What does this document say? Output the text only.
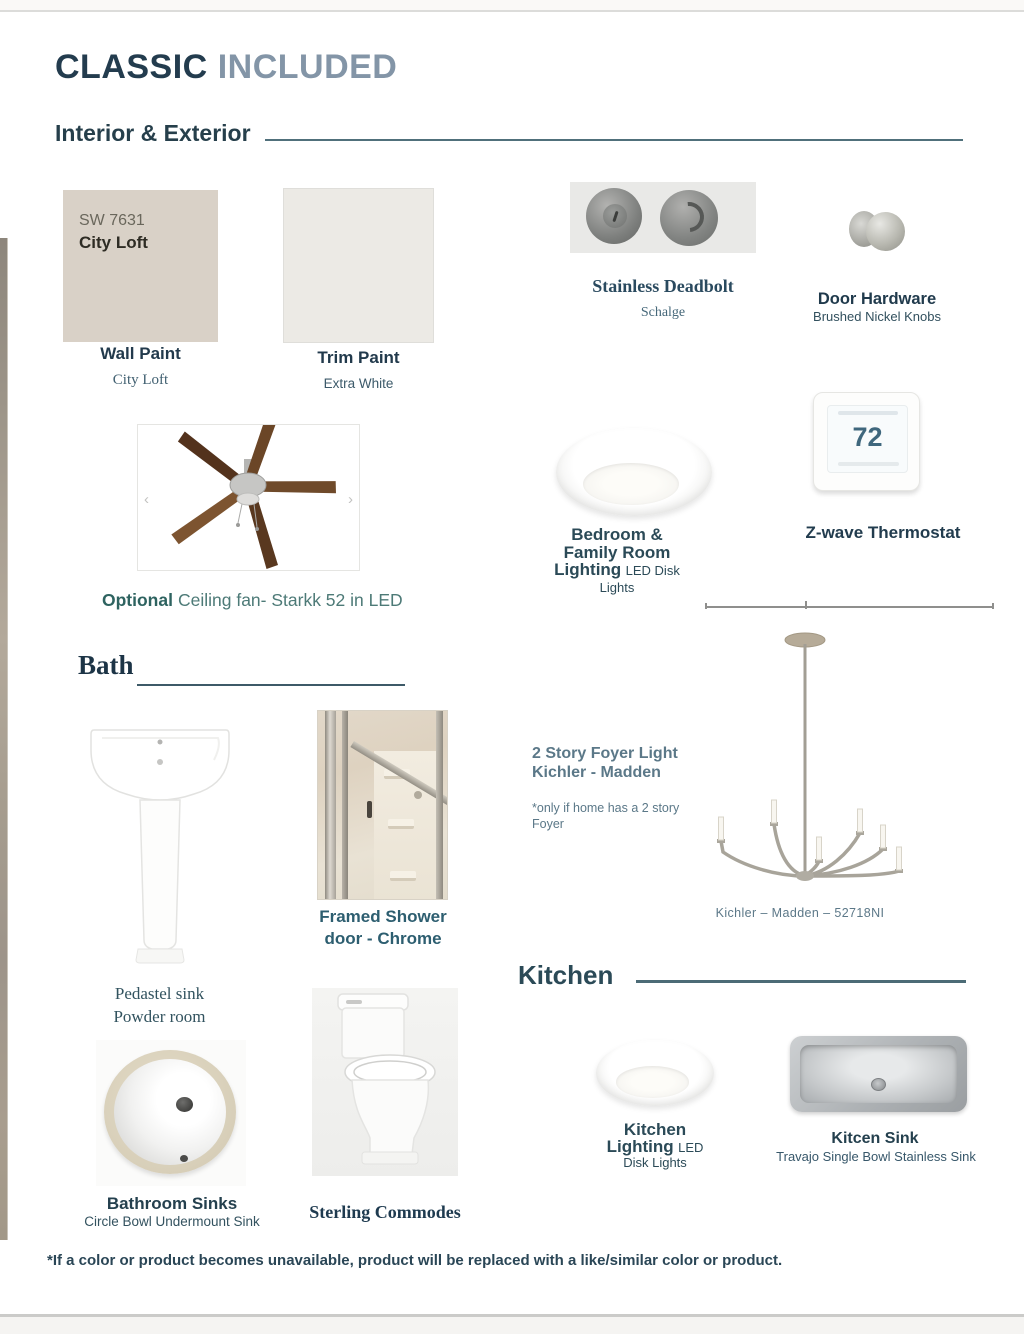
CLASSIC INCLUDED
Interior & Exterior
SW 7631
City Loft
Wall Paint
City Loft
Trim Paint
Extra White
Stainless Deadbolt
Schalge
Door Hardware
Brushed Nickel Knobs
‹	›
Optional Ceiling fan- Starkk 52 in LED
Bedroom & Family Room Lighting LED Disk Lights
72
Z-wave Thermostat
Bath
Pedastel sink
Powder room
Framed Shower
door - Chrome
2 Story Foyer Light
Kichler - Madden
*only if home has a 2 story Foyer
Kichler – Madden – 52718NI
Kitchen
Kitchen Lighting LED Disk Lights
Kitcen Sink
Travajo Single Bowl Stainless Sink
Bathroom Sinks
Circle Bowl Undermount Sink	Sterling Commodes
*If a color or product becomes unavailable, product will be replaced with a like/similar color or product.
